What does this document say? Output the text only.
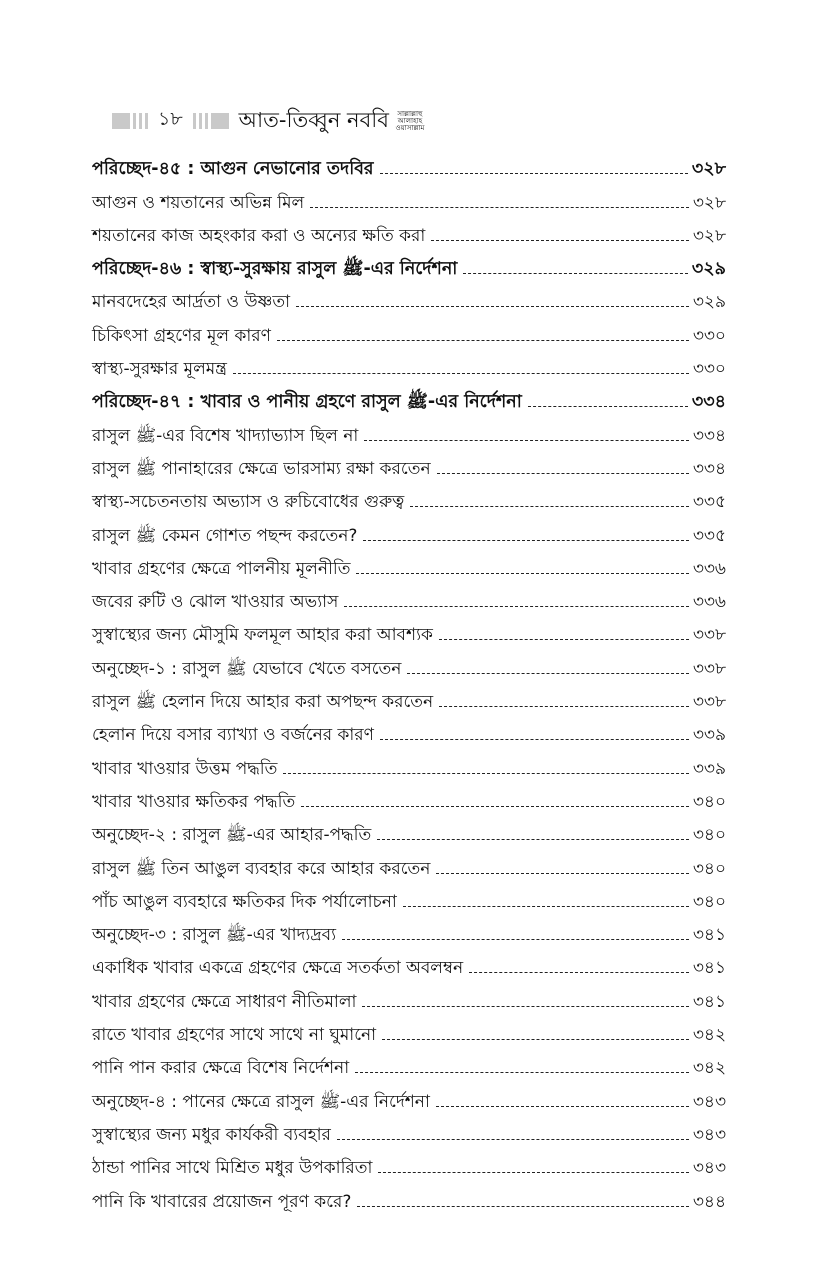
১৮	আত-তিব্বুন নববি	সাল্লাল্লাহু
আলাইহি
ওয়াসাল্লাম
পরিচ্ছেদ-৪৫ : আগুন নেভানোর তদবির	৩২৮
আগুন ও শয়তানের অভিন্ন মিল	৩২৮
শয়তানের কাজ অহংকার করা ও অন্যের ক্ষতি করা	৩২৮
পরিচ্ছেদ-৪৬ : স্বাস্থ্য-সুরক্ষায় রাসুল ﷺ-এর নির্দেশনা	৩২৯
মানবদেহের আর্দ্রতা ও উষ্ণতা	৩২৯
চিকিৎসা গ্রহণের মূল কারণ	৩৩০
স্বাস্থ্য-সুরক্ষার মূলমন্ত্র	৩৩০
পরিচ্ছেদ-৪৭ : খাবার ও পানীয় গ্রহণে রাসুল ﷺ-এর নির্দেশনা	৩৩৪
রাসুল ﷺ-এর বিশেষ খাদ্যাভ্যাস ছিল না	৩৩৪
রাসুল ﷺ পানাহারের ক্ষেত্রে ভারসাম্য রক্ষা করতেন	৩৩৪
স্বাস্থ্য-সচেতনতায় অভ্যাস ও রুচিবোধের গুরুত্ব	৩৩৫
রাসুল ﷺ কেমন গোশত পছন্দ করতেন?	৩৩৫
খাবার গ্রহণের ক্ষেত্রে পালনীয় মূলনীতি	৩৩৬
জবের রুটি ও ঝোল খাওয়ার অভ্যাস	৩৩৬
সুস্বাস্থ্যের জন্য মৌসুমি ফলমূল আহার করা আবশ্যক	৩৩৮
অনুচ্ছেদ-১ : রাসুল ﷺ যেভাবে খেতে বসতেন	৩৩৮
রাসুল ﷺ হেলান দিয়ে আহার করা অপছন্দ করতেন	৩৩৮
হেলান দিয়ে বসার ব্যাখ্যা ও বর্জনের কারণ	৩৩৯
খাবার খাওয়ার উত্তম পদ্ধতি	৩৩৯
খাবার খাওয়ার ক্ষতিকর পদ্ধতি	৩৪০
অনুচ্ছেদ-২ : রাসুল ﷺ-এর আহার-পদ্ধতি	৩৪০
রাসুল ﷺ তিন আঙুল ব্যবহার করে আহার করতেন	৩৪০
পাঁচ আঙুল ব্যবহারে ক্ষতিকর দিক পর্যালোচনা	৩৪০
অনুচ্ছেদ-৩ : রাসুল ﷺ-এর খাদ্যদ্রব্য	৩৪১
একাধিক খাবার একত্রে গ্রহণের ক্ষেত্রে সতর্কতা অবলম্বন	৩৪১
খাবার গ্রহণের ক্ষেত্রে সাধারণ নীতিমালা	৩৪১
রাতে খাবার গ্রহণের সাথে সাথে না ঘুমানো	৩৪২
পানি পান করার ক্ষেত্রে বিশেষ নির্দেশনা	৩৪২
অনুচ্ছেদ-৪ : পানের ক্ষেত্রে রাসুল ﷺ-এর নির্দেশনা	৩৪৩
সুস্বাস্থ্যের জন্য মধুর কার্যকরী ব্যবহার	৩৪৩
ঠান্ডা পানির সাথে মিশ্রিত মধুর উপকারিতা	৩৪৩
পানি কি খাবারের প্রয়োজন পূরণ করে?	৩৪৪
